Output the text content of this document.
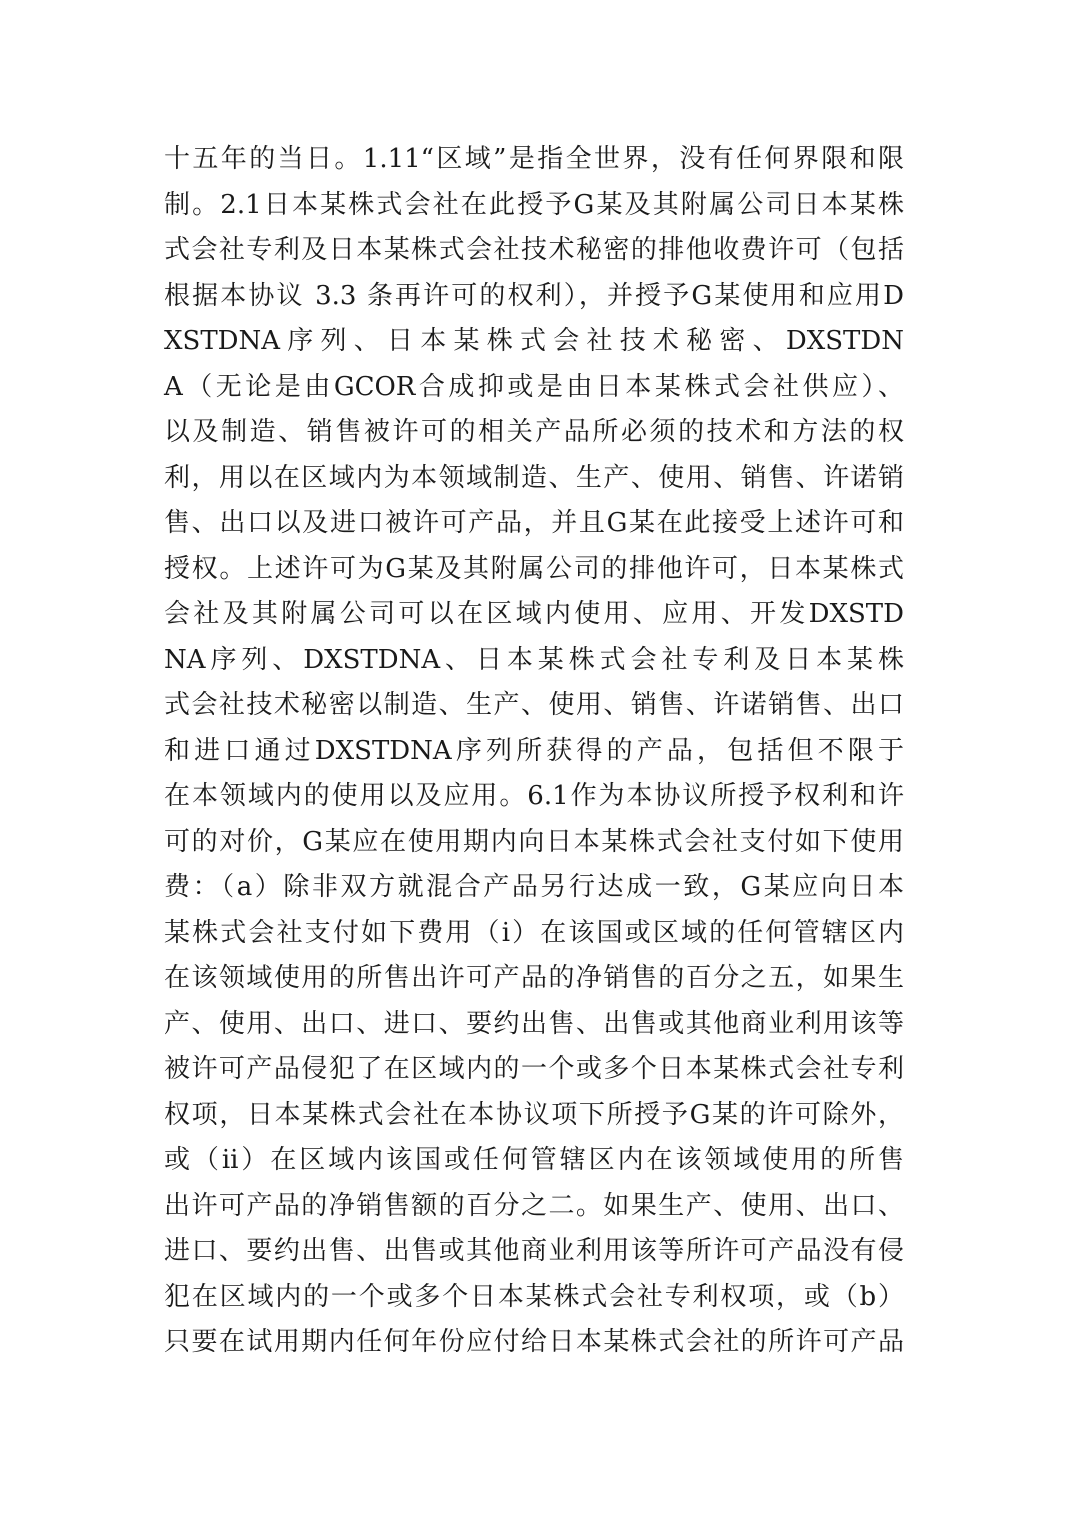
十五年的当日。1.11“区域”是指全世界，没有任何界限和限
制。2.1日本某株式会社在此授予G某及其附属公司日本某株
式会社专利及日本某株式会社技术秘密的排他收费许可（包括
根据本协议 3.3 条再许可的权利），并授予G某使用和应用D
XSTDNA序列、日本某株式会社技术秘密、DXSTDN
A（无论是由GCOR合成抑或是由日本某株式会社供应）、
以及制造、销售被许可的相关产品所必须的技术和方法的权
利，用以在区域内为本领域制造、生产、使用、销售、许诺销
售、出口以及进口被许可产品，并且G某在此接受上述许可和
授权。上述许可为G某及其附属公司的排他许可，日本某株式
会社及其附属公司可以在区域内使用、应用、开发DXSTD
NA序列、DXSTDNA、日本某株式会社专利及日本某株
式会社技术秘密以制造、生产、使用、销售、许诺销售、出口
和进口通过DXSTDNA序列所获得的产品，包括但不限于
在本领域内的使用以及应用。6.1作为本协议所授予权利和许
可的对价，G某应在使用期内向日本某株式会社支付如下使用
费：（a）除非双方就混合产品另行达成一致，G某应向日本
某株式会社支付如下费用（i）在该国或区域的任何管辖区内
在该领域使用的所售出许可产品的净销售的百分之五，如果生
产、使用、出口、进口、要约出售、出售或其他商业利用该等
被许可产品侵犯了在区域内的一个或多个日本某株式会社专利
权项，日本某株式会社在本协议项下所授予G某的许可除外，
或（ii）在区域内该国或任何管辖区内在该领域使用的所售
出许可产品的净销售额的百分之二。如果生产、使用、出口、
进口、要约出售、出售或其他商业利用该等所许可产品没有侵
犯在区域内的一个或多个日本某株式会社专利权项，或（b）
只要在试用期内任何年份应付给日本某株式会社的所许可产品
